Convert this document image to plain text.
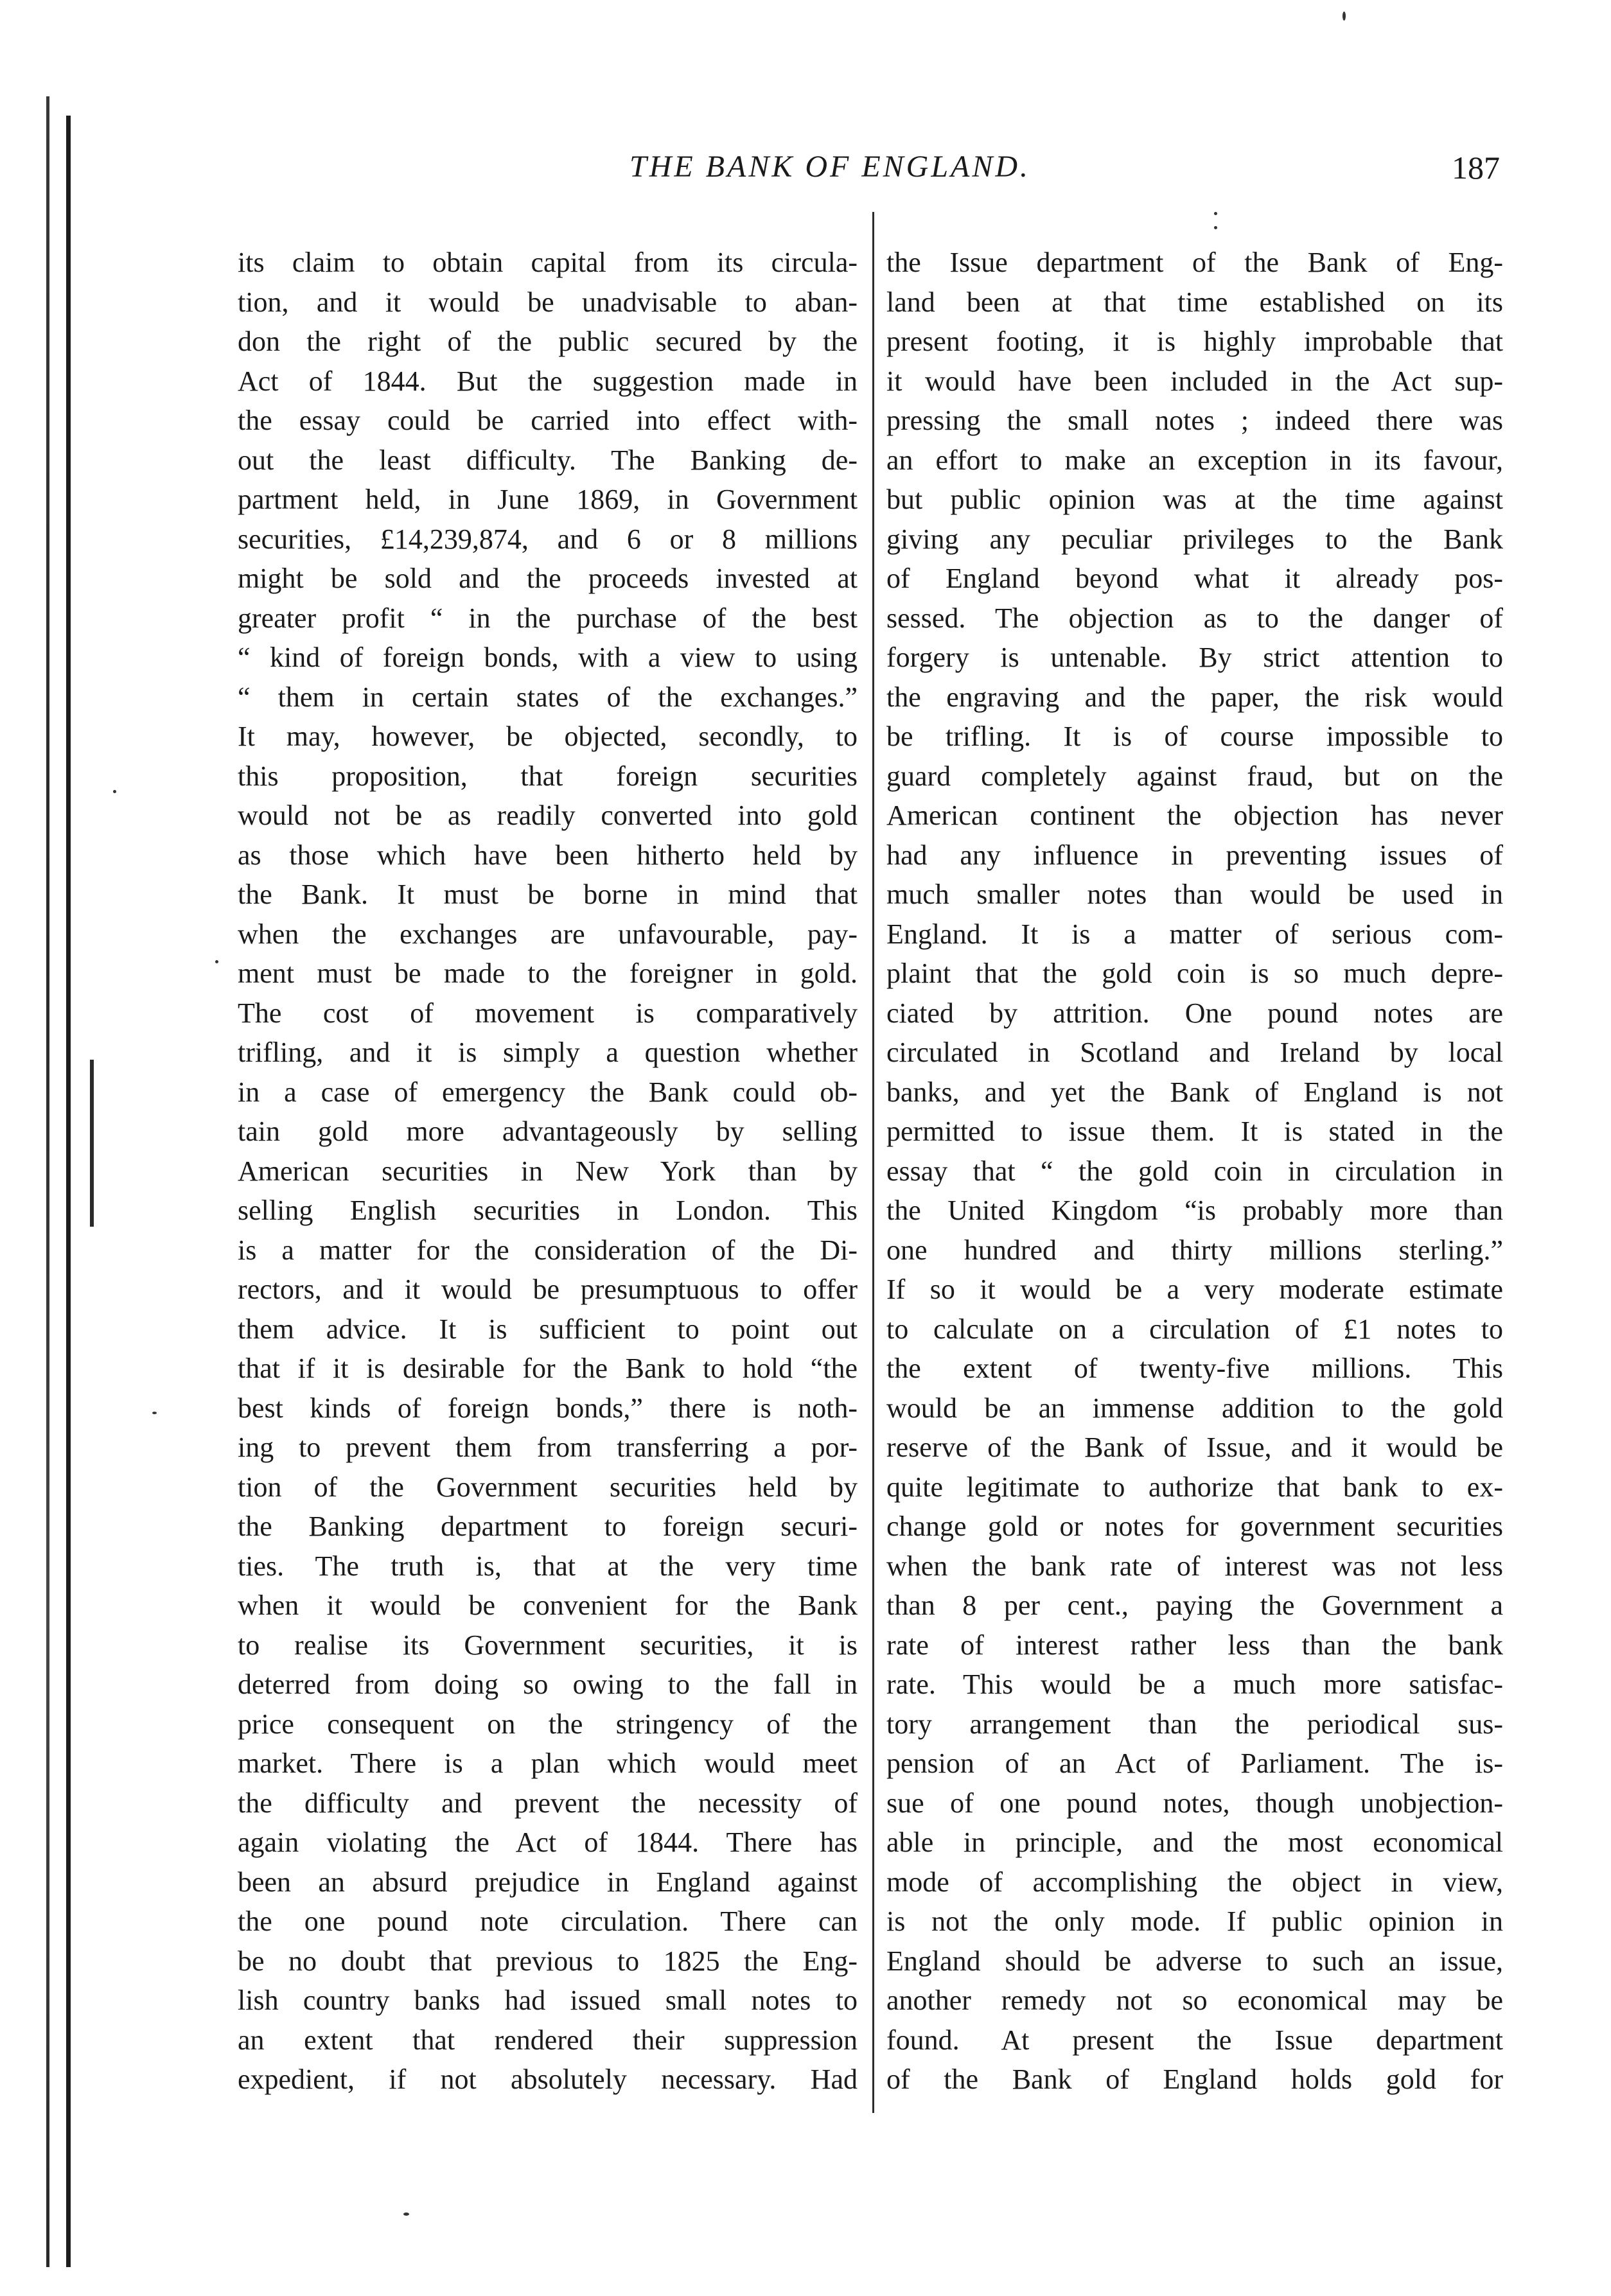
THE BANK OF ENGLAND.	187
its claim to obtain capital from its circula-
tion, and it would be unadvisable to aban-
don the right of the public secured by the
Act of 1844. But the suggestion made in
the essay could be carried into effect with-
out the least difficulty. The Banking de-
partment held, in June 1869, in Government
securities, £14,239,874, and 6 or 8 millions
might be sold and the proceeds invested at
greater profit “ in the purchase of the best
“ kind of foreign bonds, with a view to using
“ them in certain states of the exchanges.”
It may, however, be objected, secondly, to
this proposition, that foreign securities
would not be as readily converted into gold
as those which have been hitherto held by
the Bank. It must be borne in mind that
when the exchanges are unfavourable, pay-
ment must be made to the foreigner in gold.
The cost of movement is comparatively
trifling, and it is simply a question whether
in a case of emergency the Bank could ob-
tain gold more advantageously by selling
American securities in New York than by
selling English securities in London. This
is a matter for the consideration of the Di-
rectors, and it would be presumptuous to offer
them advice. It is sufficient to point out
that if it is desirable for the Bank to hold “the
best kinds of foreign bonds,” there is noth-
ing to prevent them from transferring a por-
tion of the Government securities held by
the Banking department to foreign securi-
ties. The truth is, that at the very time
when it would be convenient for the Bank
to realise its Government securities, it is
deterred from doing so owing to the fall in
price consequent on the stringency of the
market. There is a plan which would meet
the difficulty and prevent the necessity of
again violating the Act of 1844. There has
been an absurd prejudice in England against
the one pound note circulation. There can
be no doubt that previous to 1825 the Eng-
lish country banks had issued small notes to
an extent that rendered their suppression
expedient, if not absolutely necessary. Had
the Issue department of the Bank of Eng-
land been at that time established on its
present footing, it is highly improbable that
it would have been included in the Act sup-
pressing the small notes ; indeed there was
an effort to make an exception in its favour,
but public opinion was at the time against
giving any peculiar privileges to the Bank
of England beyond what it already pos-
sessed. The objection as to the danger of
forgery is untenable. By strict attention to
the engraving and the paper, the risk would
be trifling. It is of course impossible to
guard completely against fraud, but on the
American continent the objection has never
had any influence in preventing issues of
much smaller notes than would be used in
England. It is a matter of serious com-
plaint that the gold coin is so much depre-
ciated by attrition. One pound notes are
circulated in Scotland and Ireland by local
banks, and yet the Bank of England is not
permitted to issue them. It is stated in the
essay that “ the gold coin in circulation in
the United Kingdom “is probably more than
one hundred and thirty millions sterling.”
If so it would be a very moderate estimate
to calculate on a circulation of £1 notes to
the extent of twenty-five millions. This
would be an immense addition to the gold
reserve of the Bank of Issue, and it would be
quite legitimate to authorize that bank to ex-
change gold or notes for government securities
when the bank rate of interest was not less
than 8 per cent., paying the Government a
rate of interest rather less than the bank
rate. This would be a much more satisfac-
tory arrangement than the periodical sus-
pension of an Act of Parliament. The is-
sue of one pound notes, though unobjection-
able in principle, and the most economical
mode of accomplishing the object in view,
is not the only mode. If public opinion in
England should be adverse to such an issue,
another remedy not so economical may be
found. At present the Issue department
of the Bank of England holds gold for
